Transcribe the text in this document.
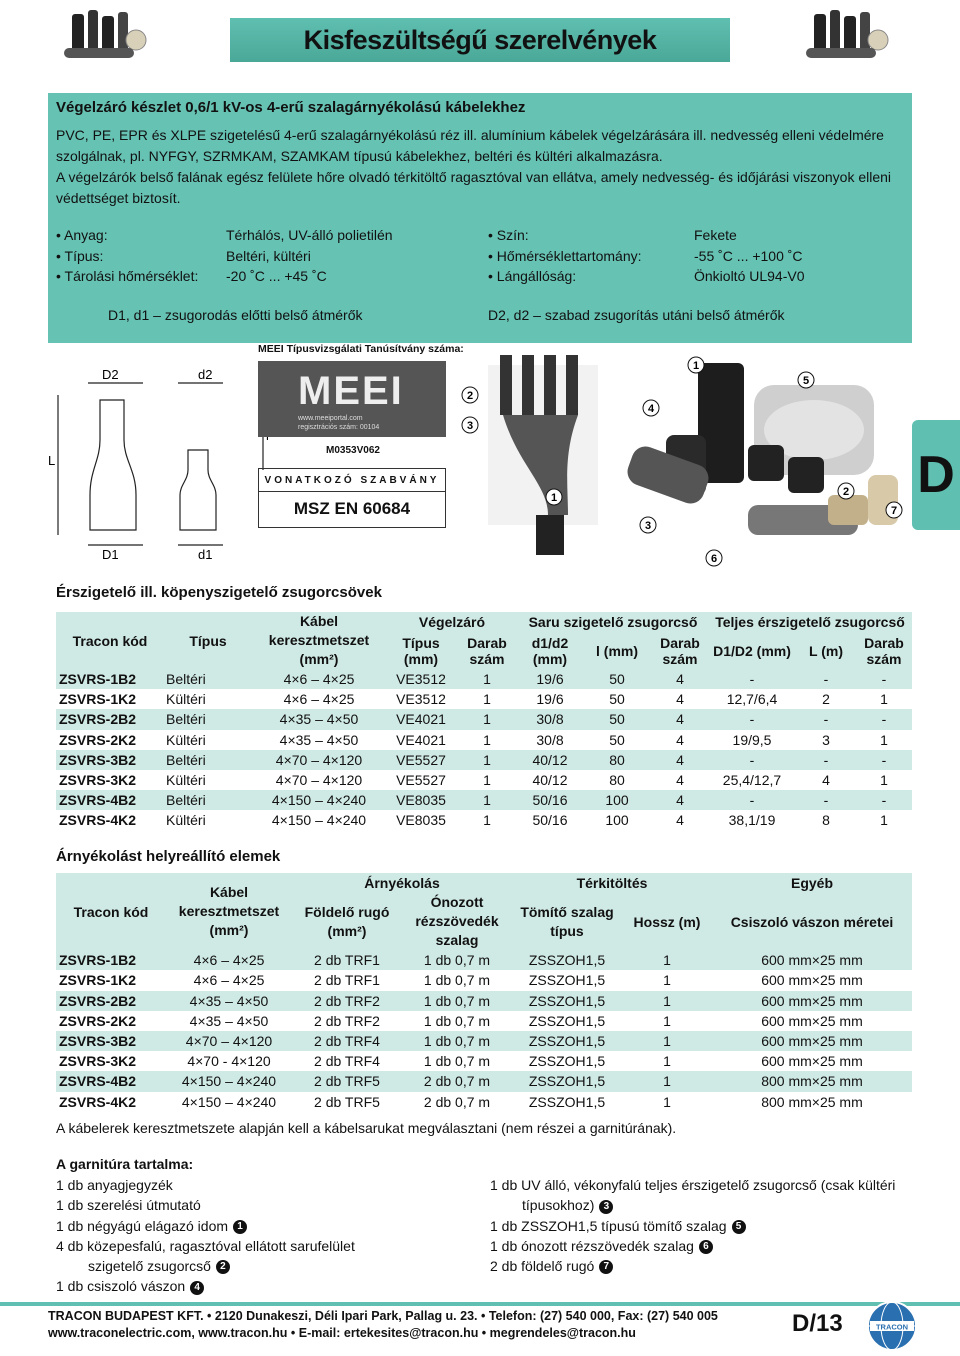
Kisfeszültségű szerelvények
Végelzáró készlet 0,6/1 kV-os 4-erű szalagárnyékolású kábelekhez
PVC, PE, EPR és XLPE szigetelésű 4-erű szalagárnyékolású réz ill. alumínium kábelek végelzárására ill. nedvesség elleni védelmére szolgálnak, pl. NYFGY, SZRMKAM, SZAMKAM típusú kábelekhez, beltéri és kültéri alkalmazásra.
A végelzárók belső falának egész felülete hőre olvadó térkitöltő ragasztóval van ellátva, amely nedvesség- és időjárási viszonyok elleni védettséget biztosít.
• Anyag:	Térhálós, UV-álló polietilén
• Típus:	Beltéri, kültéri
• Tárolási hőmérséklet: -20 ˚C ... +45 ˚C
• Szín:	Fekete
• Hőmérséklettartomány:	-55 ˚C ... +100 ˚C
• Lángállóság:	Önkioltó UL94-V0
D1, d1 – zsugorodás előtti belső átmérők	D2, d2 – szabad zsugorítás utáni belső átmérők
D2	d2
L
D1	d1
1
5
2
4
3
1	2
7
3
6
MEEI Típusvizsgálati Tanúsítvány száma:
MEEI
www.meeiportal.com
regisztrációs szám: 00104
M0353V062
VONATKOZÓ SZABVÁNY
MSZ EN 60684
D
Érszigetelő ill. köpenyszigetelő zsugorcsövek
Tracon kód	Típus	Kábel keresztmetszet (mm²)	Végelzáró		Saru szigetelő zsugorcső			Teljes érszigetelő zsugorcső		
			Típus (mm)	Darab szám	d1/d2 (mm)	l (mm)	Darab szám	D1/D2 (mm)	L (m)	Darab szám

ZSVRS-1B2	Beltéri	4×6 – 4×25	VE3512	1	19/6	50	4	-	-	-
ZSVRS-1K2	Kültéri	4×6 – 4×25	VE3512	1	19/6	50	4	12,7/6,4	2	1
ZSVRS-2B2	Beltéri	4×35 – 4×50	VE4021	1	30/8	50	4	-	-	-
ZSVRS-2K2	Kültéri	4×35 – 4×50	VE4021	1	30/8	50	4	19/9,5	3	1
ZSVRS-3B2	Beltéri	4×70 – 4×120	VE5527	1	40/12	80	4	-	-	-
ZSVRS-3K2	Kültéri	4×70 – 4×120	VE5527	1	40/12	80	4	25,4/12,7	4	1
ZSVRS-4B2	Beltéri	4×150 – 4×240	VE8035	1	50/16	100	4	-	-	-
ZSVRS-4K2	Kültéri	4×150 – 4×240	VE8035	1	50/16	100	4	38,1/19	8	1
Árnyékolást helyreállító elemek
Tracon kód	Kábel keresztmetszet (mm²)	Árnyékolás		Térkitöltés		Egyéb
		Földelő rugó (mm²)	Ónozott rézszövedék szalag	Tömítő szalag típus	Hossz (m)	Csiszoló vászon méretei

ZSVRS-1B2	4×6 – 4×25	2 db TRF1	1 db 0,7 m	ZSSZOH1,5	1	600 mm×25 mm
ZSVRS-1K2	4×6 – 4×25	2 db TRF1	1 db 0,7 m	ZSSZOH1,5	1	600 mm×25 mm
ZSVRS-2B2	4×35 – 4×50	2 db TRF2	1 db 0,7 m	ZSSZOH1,5	1	600 mm×25 mm
ZSVRS-2K2	4×35 – 4×50	2 db TRF2	1 db 0,7 m	ZSSZOH1,5	1	600 mm×25 mm
ZSVRS-3B2	4×70 – 4×120	2 db TRF4	1 db 0,7 m	ZSSZOH1,5	1	600 mm×25 mm
ZSVRS-3K2	4×70 - 4×120	2 db TRF4	1 db 0,7 m	ZSSZOH1,5	1	600 mm×25 mm
ZSVRS-4B2	4×150 – 4×240	2 db TRF5	2 db 0,7 m	ZSSZOH1,5	1	800 mm×25 mm
ZSVRS-4K2	4×150 – 4×240	2 db TRF5	2 db 0,7 m	ZSSZOH1,5	1	800 mm×25 mm
A kábelerek keresztmetszete alapján kell a kábelsarukat megválasztani (nem részei a garnitúrának).
A garnitúra tartalma:
1 db anyagjegyzék
1 db szerelési útmutató
1 db négyágú elágazó idom 1
4 db közepesfalú, ragasztóval ellátott sarufelület
szigetelő zsugorcső 2
1 db csiszoló vászon 4
1 db UV álló, vékonyfalú teljes érszigetelő zsugorcső (csak kültéri
típusokhoz) 3
1 db ZSSZOH1,5 típusú tömítő szalag 5
1 db ónozott rézszövedék szalag 6
2 db földelő rugó 7
TRACON BUDAPEST KFT. • 2120 Dunakeszi, Déli Ipari Park, Pallag u. 23. • Telefon: (27) 540 000, Fax: (27) 540 005
www.traconelectric.com, www.tracon.hu • E-mail: ertekesites@tracon.hu • megrendeles@tracon.hu	D/13	TRACON
